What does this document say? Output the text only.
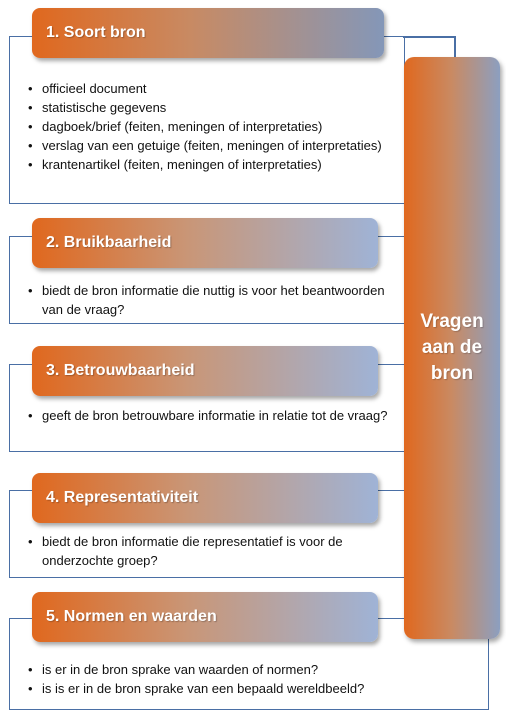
1. Soort bron
• officieel document
• statistische gegevens
• dagboek/brief (feiten, meningen of interpretaties)
• verslag van een getuige (feiten, meningen of interpretaties)
• krantenartikel (feiten, meningen of interpretaties)
2. Bruikbaarheid
• biedt de bron informatie die nuttig is voor het beantwoorden van de vraag?
3. Betrouwbaarheid
• geeft de bron betrouwbare informatie in relatie tot de vraag?
4. Representativiteit
• biedt de bron informatie die representatief is voor de onderzochte groep?
5. Normen en waarden
• is er in de bron sprake van waarden of normen?
• is is er in de bron sprake van een bepaald wereldbeeld?
Vragen
aan de
bron
